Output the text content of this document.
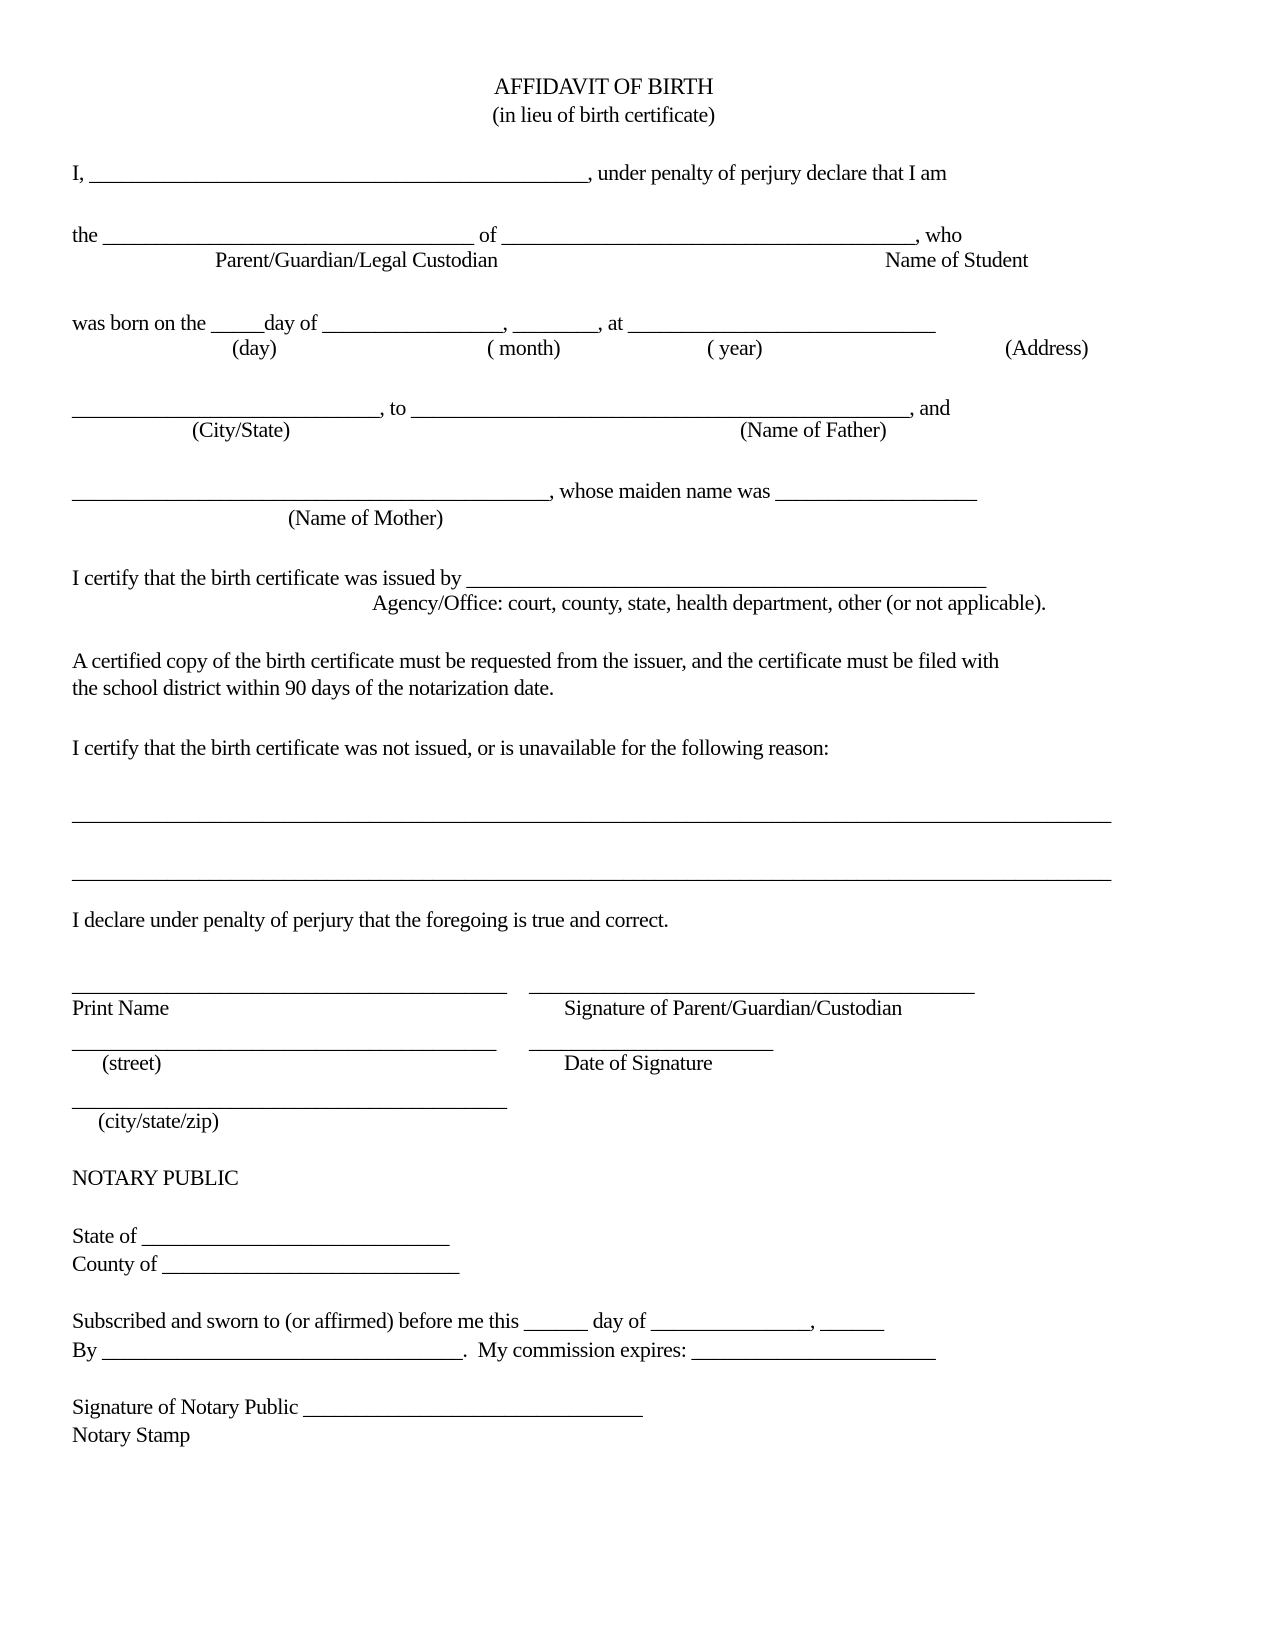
AFFIDAVIT OF BIRTH
(in lieu of birth certificate)
I, _______________________________________________, under penalty of perjury declare that I am
the ___________________________________ of _______________________________________, who
Parent/Guardian/Legal Custodian	Name of Student
was born on the _____day of _________________, ________, at _____________________________
(day)	( month)	( year)	(Address)
_____________________________, to _______________________________________________, and
(City/State)	(Name of Father)
_____________________________________________, whose maiden name was ___________________
(Name of Mother)
I certify that the birth certificate was issued by _________________________________________________
Agency/Office: court, county, state, health department, other (or not applicable).
A certified copy of the birth certificate must be requested from the issuer, and the certificate must be filed with
the school district within 90 days of the notarization date.
I certify that the birth certificate was not issued, or is unavailable for the following reason:
__________________________________________________________________________________________________
__________________________________________________________________________________________________
I declare under penalty of perjury that the foregoing is true and correct.
_________________________________________ __________________________________________
Print Name	Signature of Parent/Guardian/Custodian
________________________________________ _______________________
(street)	Date of Signature
_________________________________________
(city/state/zip)
NOTARY PUBLIC
State of _____________________________
County of ____________________________
Subscribed and sworn to (or affirmed) before me this ______ day of _______________, ______
By __________________________________.  My commission expires: _______________________
Signature of Notary Public ________________________________
Notary Stamp
